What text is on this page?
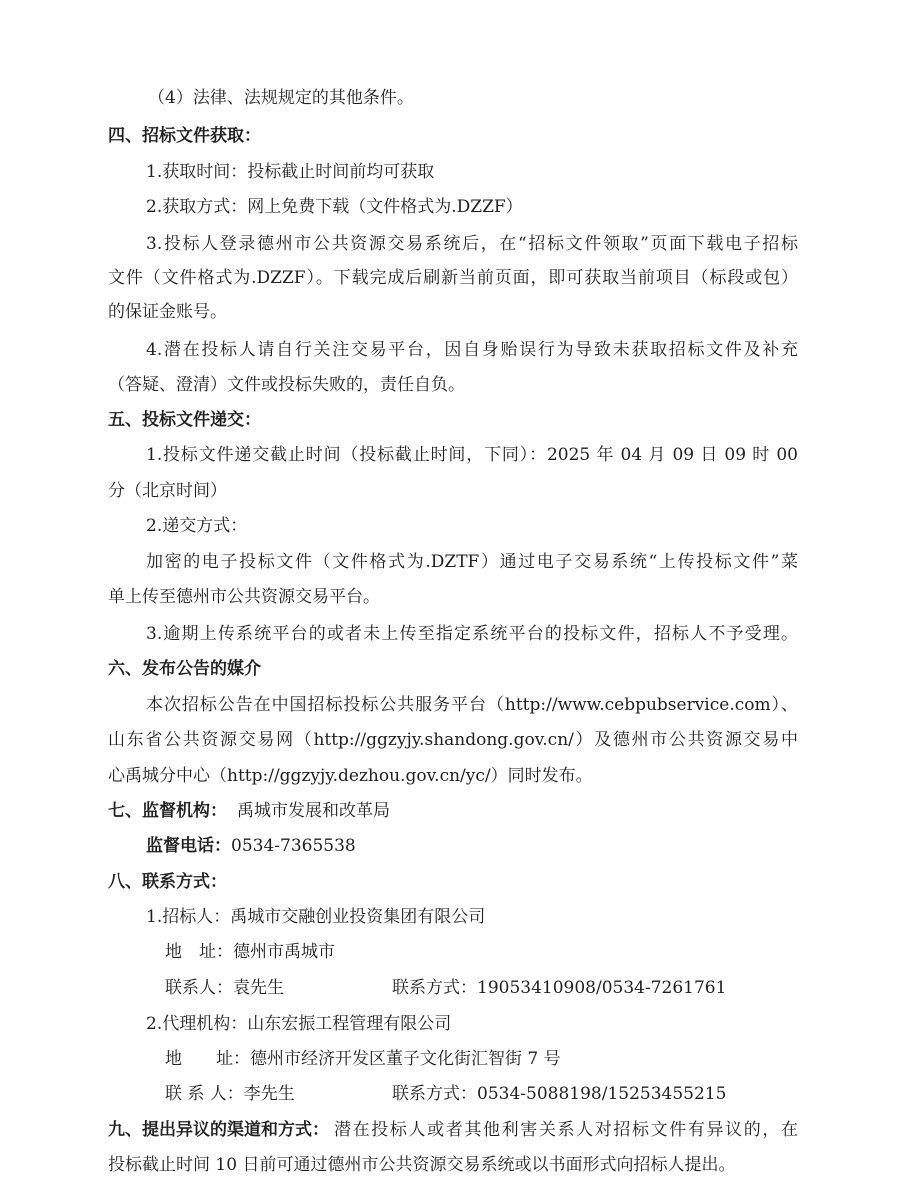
（4）法律、法规规定的其他条件。
四、招标文件获取：
1.获取时间：投标截止时间前均可获取
2.获取方式：网上免费下载（文件格式为.DZZF）
3.投标人登录德州市公共资源交易系统后，在“招标文件领取”页面下载电子招标
文件（文件格式为.DZZF）。下载完成后刷新当前页面，即可获取当前项目（标段或包）
的保证金账号。
4.潜在投标人请自行关注交易平台，因自身贻误行为导致未获取招标文件及补充
（答疑、澄清）文件或投标失败的，责任自负。
五、投标文件递交：
1.投标文件递交截止时间（投标截止时间，下同）：2025 年 04 月 09 日 09 时 00
分（北京时间）
2.递交方式：
加密的电子投标文件（文件格式为.DZTF）通过电子交易系统“上传投标文件”菜
单上传至德州市公共资源交易平台。
3.逾期上传系统平台的或者未上传至指定系统平台的投标文件，招标人不予受理。
六、发布公告的媒介
本次招标公告在中国招标投标公共服务平台（http://www.cebpubservice.com）、
山东省公共资源交易网（http://ggzyjy.shandong.gov.cn/）及德州市公共资源交易中
心禹城分中心（http://ggzyjy.dezhou.gov.cn/yc/）同时发布。
七、监督机构： 禹城市发展和改革局
监督电话：0534-7365538
八、联系方式：
1.招标人：禹城市交融创业投资集团有限公司
地　址：德州市禹城市
联系人：袁先生	联系方式：19053410908/0534-7261761
2.代理机构：山东宏振工程管理有限公司
地　　址：德州市经济开发区董子文化街汇智街 7 号
联 系 人：李先生	联系方式：0534-5088198/15253455215
九、提出异议的渠道和方式： 潜在投标人或者其他利害关系人对招标文件有异议的，在
投标截止时间 10 日前可通过德州市公共资源交易系统或以书面形式向招标人提出。
